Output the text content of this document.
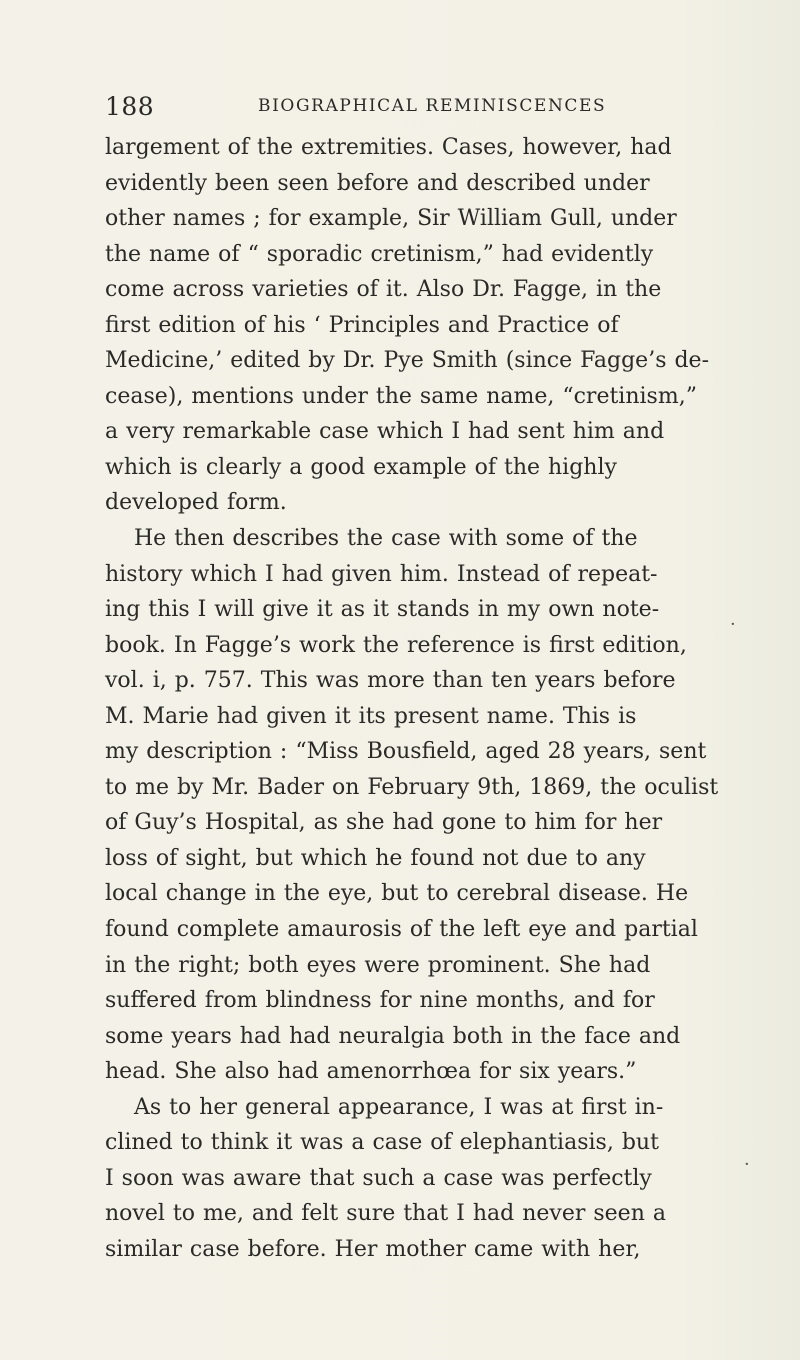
188	BIOGRAPHICAL REMINISCENCES
largement of the extremities. Cases, however, had
evidently been seen before and described under
other names ; for example, Sir William Gull, under
the name of “ sporadic cretinism,” had evidently
come across varieties of it. Also Dr. Fagge, in the
first edition of his ‘ Principles and Practice of
Medicine,’ edited by Dr. Pye Smith (since Fagge’s de-
cease), mentions under the same name, “cretinism,”
a very remarkable case which I had sent him and
which is clearly a good example of the highly
developed form.
He then describes the case with some of the
history which I had given him. Instead of repeat-
ing this I will give it as it stands in my own note-
book. In Fagge’s work the reference is first edition,
vol. i, p. 757. This was more than ten years before
M. Marie had given it its present name. This is
my description : “Miss Bousfield, aged 28 years, sent
to me by Mr. Bader on February 9th, 1869, the oculist
of Guy’s Hospital, as she had gone to him for her
loss of sight, but which he found not due to any
local change in the eye, but to cerebral disease. He
found complete amaurosis of the left eye and partial
in the right; both eyes were prominent. She had
suffered from blindness for nine months, and for
some years had had neuralgia both in the face and
head. She also had amenorrhœa for six years.”
As to her general appearance, I was at first in-
clined to think it was a case of elephantiasis, but
I soon was aware that such a case was perfectly
novel to me, and felt sure that I had never seen a
similar case before. Her mother came with her,
·
·
